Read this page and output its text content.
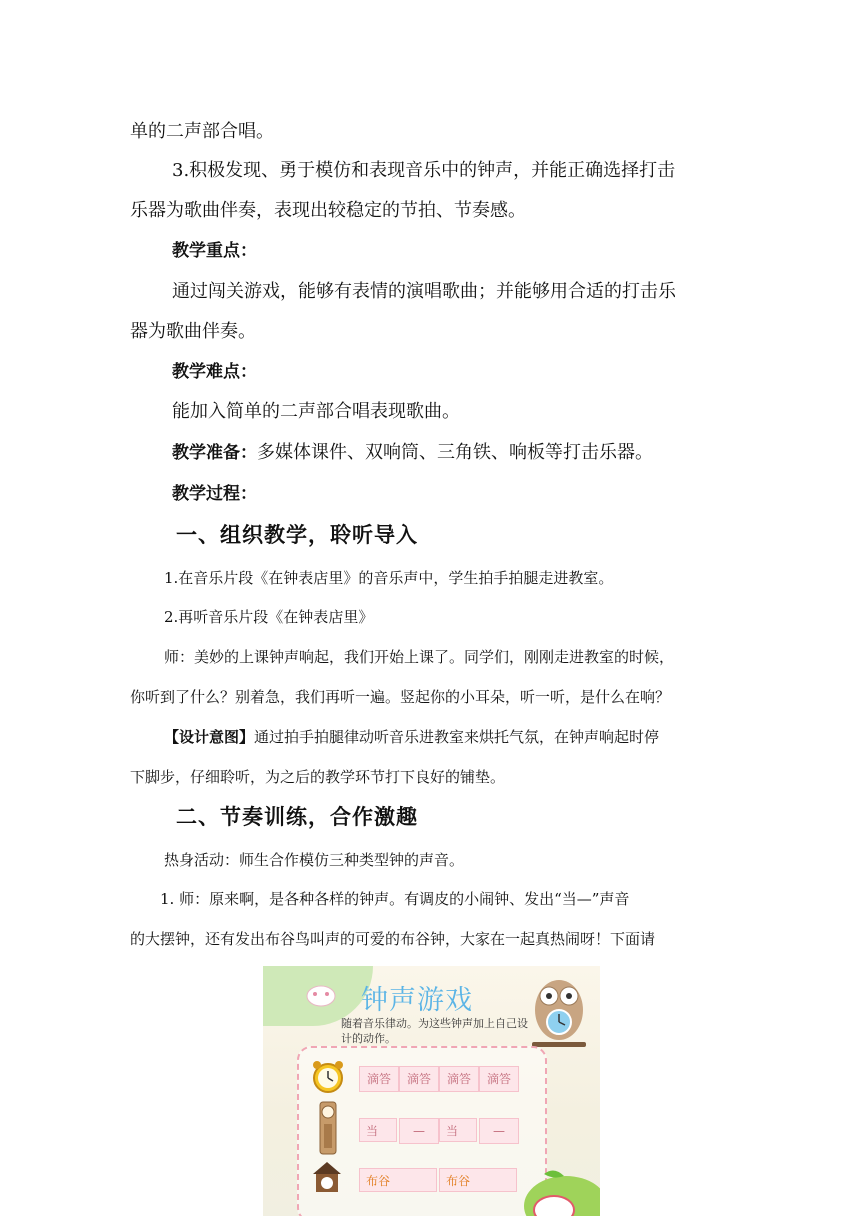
单的二声部合唱。
3.积极发现、勇于模仿和表现音乐中的钟声，并能正确选择打击
乐器为歌曲伴奏，表现出较稳定的节拍、节奏感。
教学重点：
通过闯关游戏，能够有表情的演唱歌曲；并能够用合适的打击乐
器为歌曲伴奏。
教学难点：
能加入简单的二声部合唱表现歌曲。
教学准备：多媒体课件、双响筒、三角铁、响板等打击乐器。
教学过程：
一、组织教学，聆听导入
1.在音乐片段《在钟表店里》的音乐声中，学生拍手拍腿走进教室。
2.再听音乐片段《在钟表店里》
师：美妙的上课钟声响起，我们开始上课了。同学们，刚刚走进教室的时候，
你听到了什么？别着急，我们再听一遍。竖起你的小耳朵，听一听，是什么在响？
【设计意图】通过拍手拍腿律动听音乐进教室来烘托气氛，在钟声响起时停
下脚步，仔细聆听，为之后的教学环节打下良好的铺垫。
二、节奏训练，合作激趣
热身活动：师生合作模仿三种类型钟的声音。
1. 师：原来啊，是各种各样的钟声。有调皮的小闹钟、发出“当—”声音
的大摆钟，还有发出布谷鸟叫声的可爱的布谷钟，大家在一起真热闹呀！下面请
钟声游戏
随着音乐律动。为这些钟声加上自己设计的动作。
滴答	滴答	滴答	滴答
当	—	当	—
布谷	布谷
